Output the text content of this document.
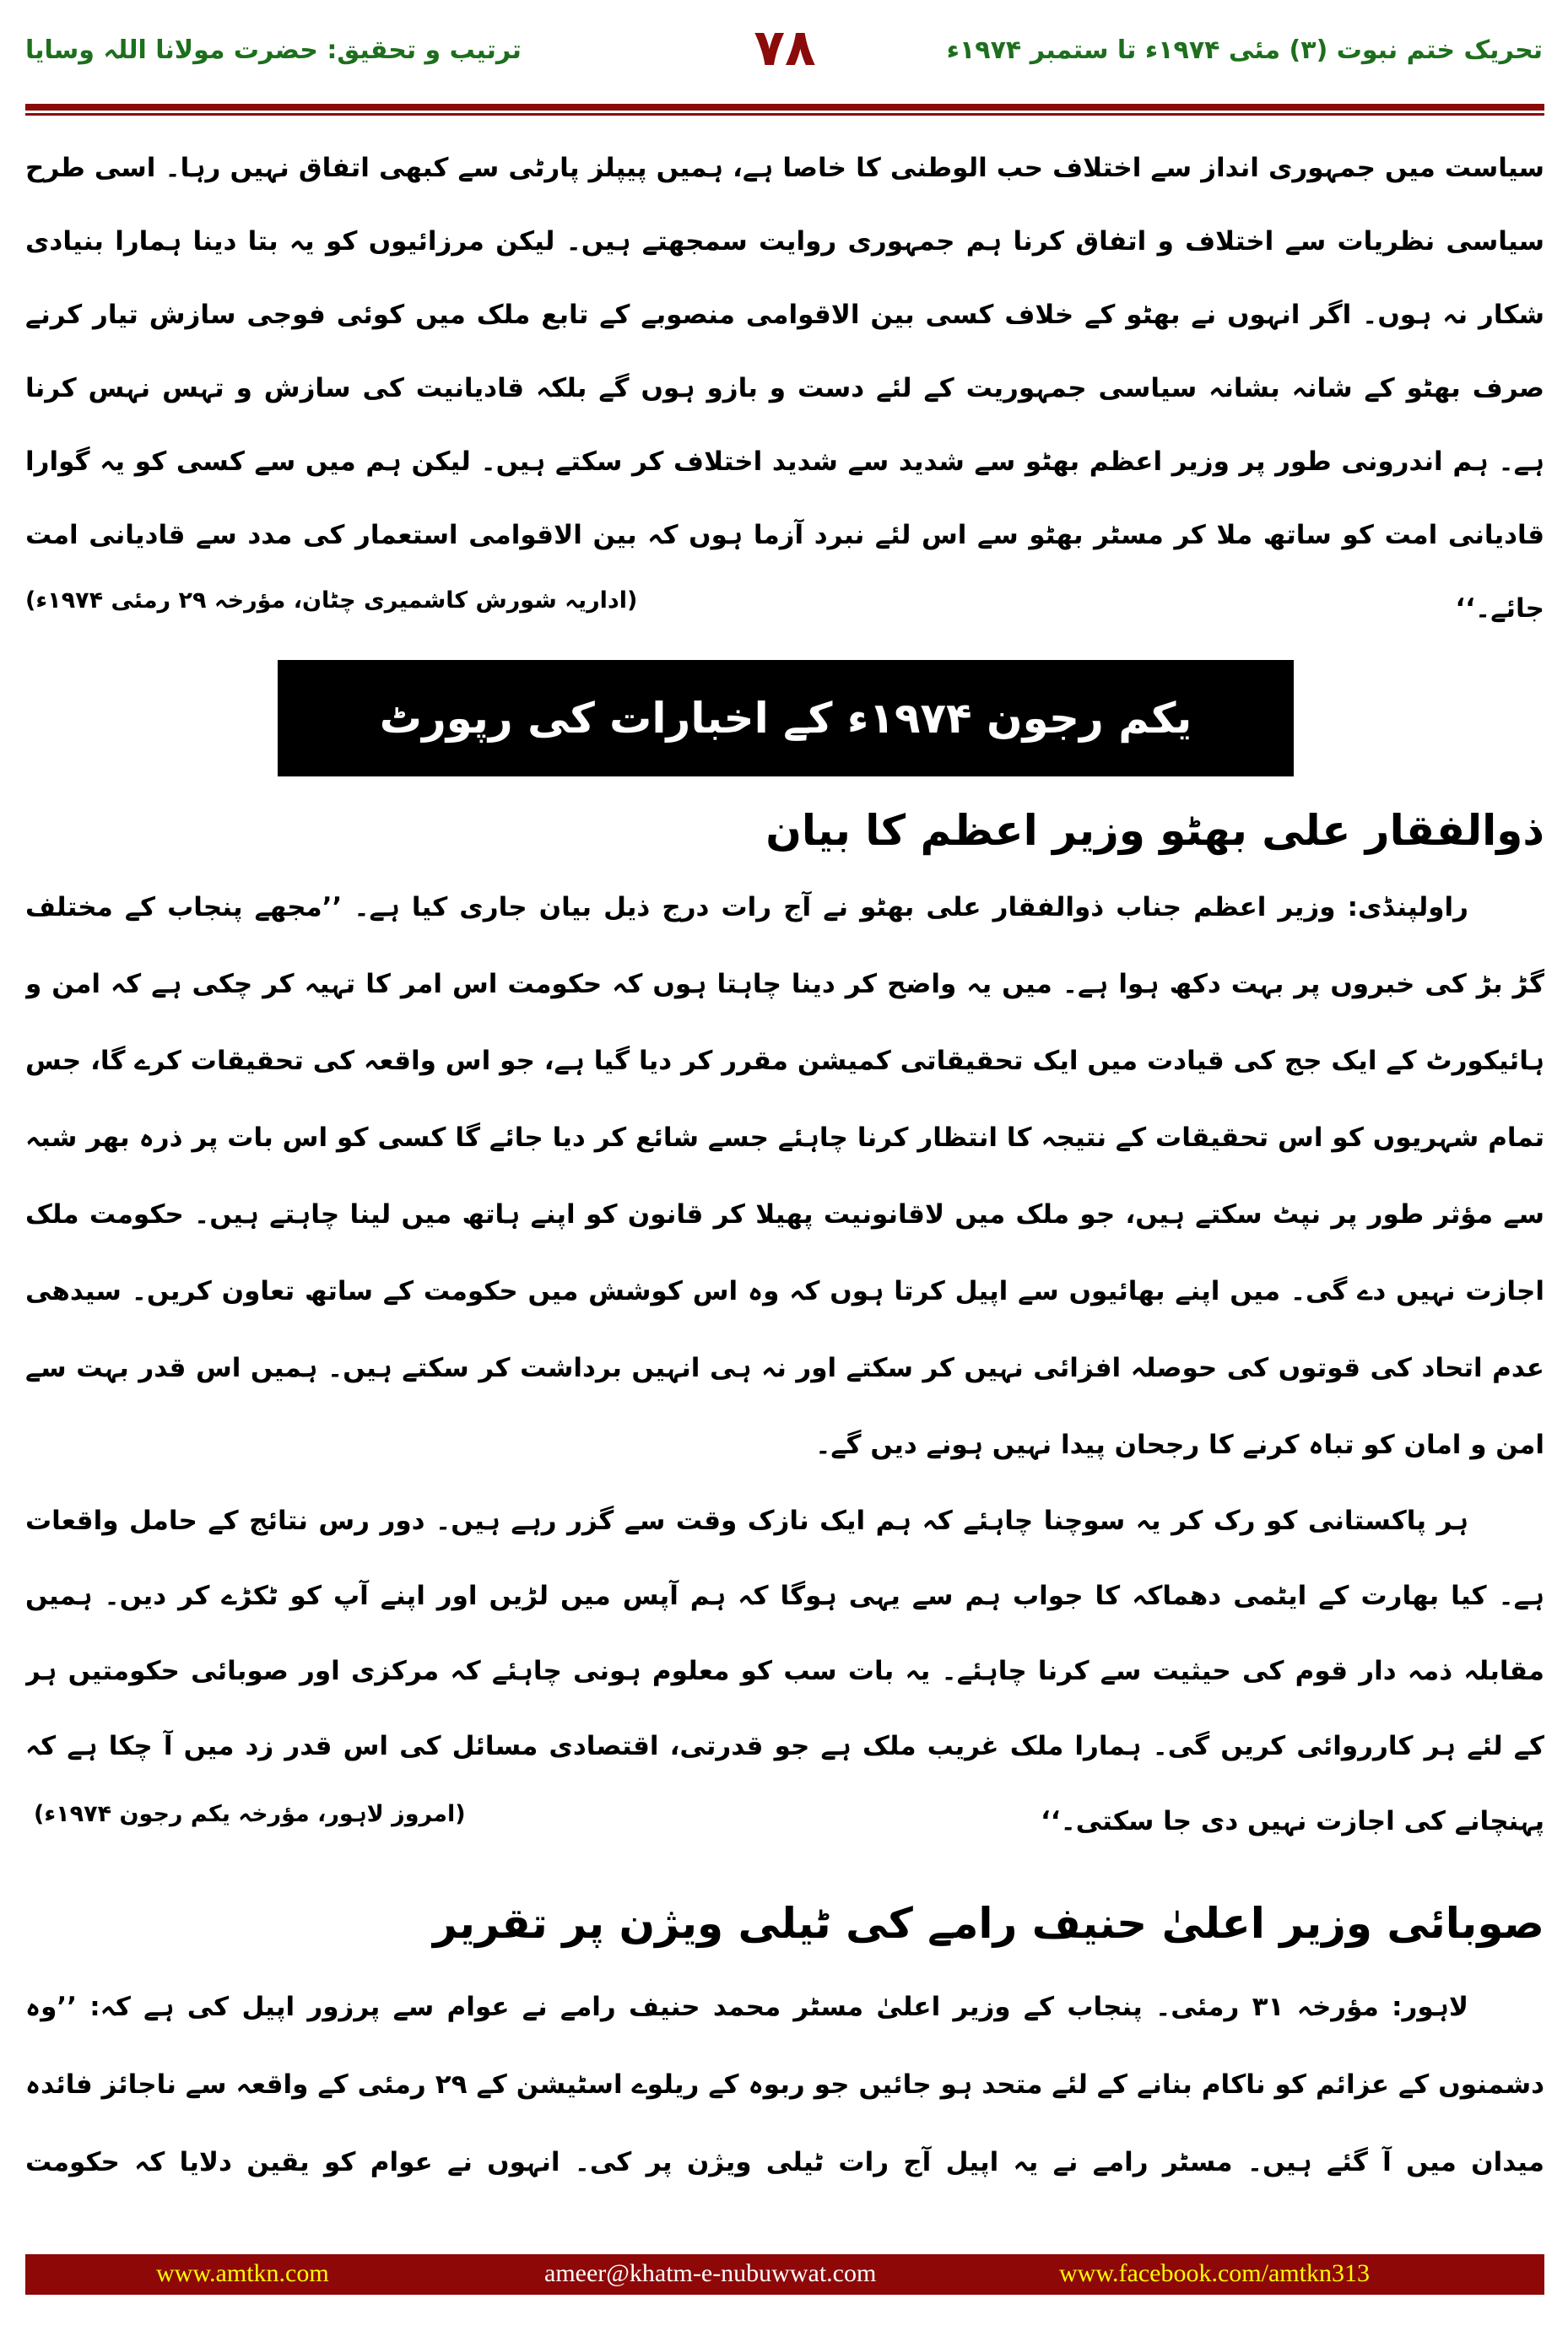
تحریک ختم نبوت (۳) مئی ۱۹۷۴ء تا ستمبر ۱۹۷۴ء
۷۸
ترتیب و تحقیق: حضرت مولانا اللہ وسایا
سیاست میں جمہوری انداز سے اختلاف حب الوطنی کا خاصا ہے، ہمیں پیپلز پارٹی سے کبھی اتفاق نہیں رہا۔ اسی طرح
سیاسی نظریات سے اختلاف و اتفاق کرنا ہم جمہوری روایت سمجھتے ہیں۔ لیکن مرزائیوں کو یہ بتا دینا ہمارا بنیادی
شکار نہ ہوں۔ اگر انہوں نے بھٹو کے خلاف کسی بین الاقوامی منصوبے کے تابع ملک میں کوئی فوجی سازش تیار کرنے
صرف بھٹو کے شانہ بشانہ سیاسی جمہوریت کے لئے دست و بازو ہوں گے بلکہ قادیانیت کی سازش و تہس نہس کرنا
ہے۔ ہم اندرونی طور پر وزیر اعظم بھٹو سے شدید سے شدید اختلاف کر سکتے ہیں۔ لیکن ہم میں سے کسی کو یہ گوارا
قادیانی امت کو ساتھ ملا کر مسٹر بھٹو سے اس لئے نبرد آزما ہوں کہ بین الاقوامی استعمار کی مدد سے قادیانی امت
جائے۔‘‘
(اداریہ شورش کاشمیری چٹان، مؤرخہ ۲۹ رمئی ۱۹۷۴ء)
یکم رجون ۱۹۷۴ء کے اخبارات کی رپورٹ
ذوالفقار علی بھٹو وزیر اعظم کا بیان
راولپنڈی: وزیر اعظم جناب ذوالفقار علی بھٹو نے آج رات درج ذیل بیان جاری کیا ہے۔ ’’مجھے پنجاب کے مختلف
گڑ بڑ کی خبروں پر بہت دکھ ہوا ہے۔ میں یہ واضح کر دینا چاہتا ہوں کہ حکومت اس امر کا تہیہ کر چکی ہے کہ امن و
ہائیکورٹ کے ایک جج کی قیادت میں ایک تحقیقاتی کمیشن مقرر کر دیا گیا ہے، جو اس واقعہ کی تحقیقات کرے گا، جس
تمام شہریوں کو اس تحقیقات کے نتیجہ کا انتظار کرنا چاہئے جسے شائع کر دیا جائے گا کسی کو اس بات پر ذرہ بھر شبہ
سے مؤثر طور پر نپٹ سکتے ہیں، جو ملک میں لاقانونیت پھیلا کر قانون کو اپنے ہاتھ میں لینا چاہتے ہیں۔ حکومت ملک
اجازت نہیں دے گی۔ میں اپنے بھائیوں سے اپیل کرتا ہوں کہ وہ اس کوشش میں حکومت کے ساتھ تعاون کریں۔ سیدھی
عدم اتحاد کی قوتوں کی حوصلہ افزائی نہیں کر سکتے اور نہ ہی انہیں برداشت کر سکتے ہیں۔ ہمیں اس قدر بہت سے
امن و امان کو تباہ کرنے کا رجحان پیدا نہیں ہونے دیں گے۔
ہر پاکستانی کو رک کر یہ سوچنا چاہئے کہ ہم ایک نازک وقت سے گزر رہے ہیں۔ دور رس نتائج کے حامل واقعات
ہے۔ کیا بھارت کے ایٹمی دھماکہ کا جواب ہم سے یہی ہوگا کہ ہم آپس میں لڑیں اور اپنے آپ کو ٹکڑے کر دیں۔ ہمیں
مقابلہ ذمہ دار قوم کی حیثیت سے کرنا چاہئے۔ یہ بات سب کو معلوم ہونی چاہئے کہ مرکزی اور صوبائی حکومتیں ہر
کے لئے ہر کارروائی کریں گی۔ ہمارا ملک غریب ملک ہے جو قدرتی، اقتصادی مسائل کی اس قدر زد میں آ چکا ہے کہ
پہنچانے کی اجازت نہیں دی جا سکتی۔‘‘
(امروز لاہور، مؤرخہ یکم رجون ۱۹۷۴ء)
صوبائی وزیر اعلیٰ حنیف رامے کی ٹیلی ویژن پر تقریر
لاہور: مؤرخہ ۳۱ رمئی۔ پنجاب کے وزیر اعلیٰ مسٹر محمد حنیف رامے نے عوام سے پرزور اپیل کی ہے کہ: ’’وہ
دشمنوں کے عزائم کو ناکام بنانے کے لئے متحد ہو جائیں جو ربوہ کے ریلوے اسٹیشن کے ۲۹ رمئی کے واقعہ سے ناجائز فائدہ
میدان میں آ گئے ہیں۔ مسٹر رامے نے یہ اپیل آج رات ٹیلی ویژن پر کی۔ انہوں نے عوام کو یقین دلایا کہ حکومت
www.amtkn.com	ameer@khatm-e-nubuwwat.com	www.facebook.com/amtkn313
